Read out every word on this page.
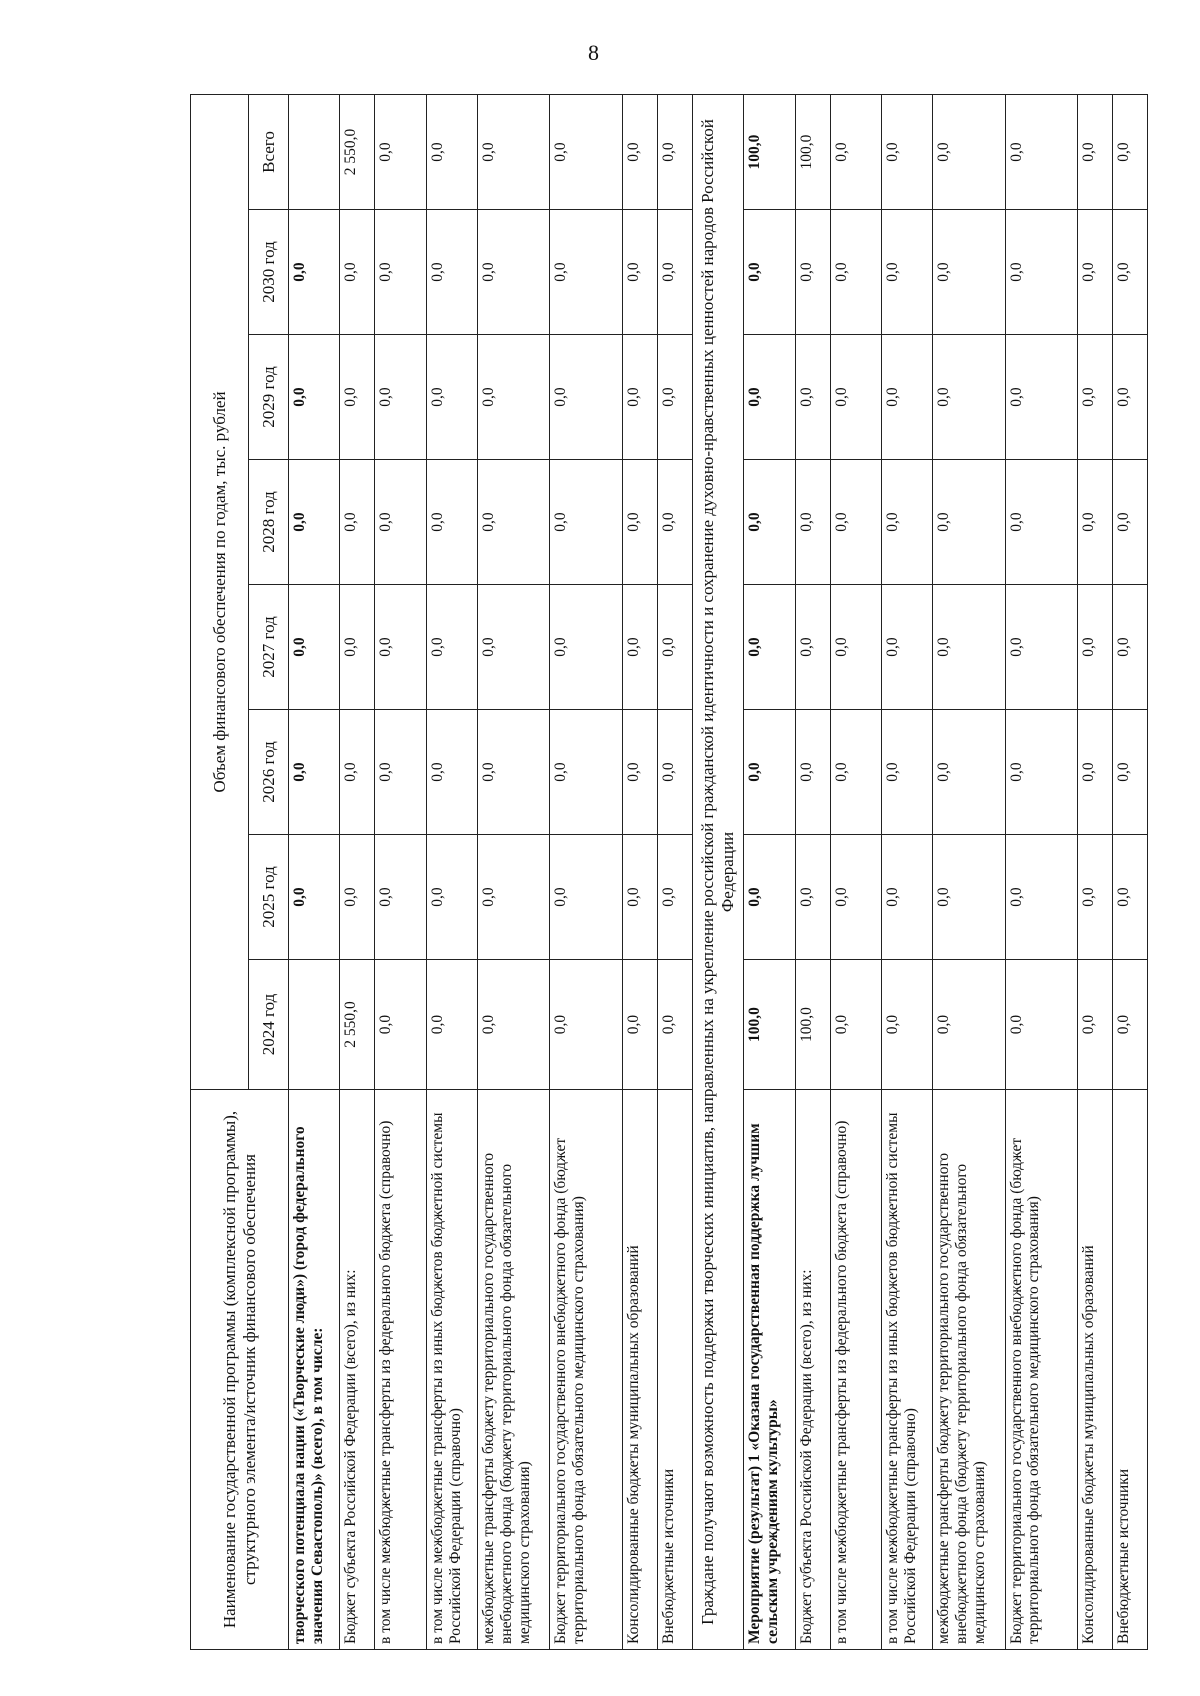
8
Наименование государственной программы (комплексной программы), структурного элемента/источник финансового обеспечения	Объем финансового обеспечения по годам, тыс. рублей							
	2024 год	2025 год	2026 год	2027 год	2028 год	2029 год	2030 год	Всего
творческого потенциала нации («Творческие люди») (город федерального значения Севастополь)» (всего), в том числе:		0,0	0,0	0,0	0,0	0,0	0,0	
Бюджет субъекта Российской Федерации (всего), из них:	2 550,0	0,0	0,0	0,0	0,0	0,0	0,0	2 550,0
в том числе межбюджетные трансферты из федерального бюджета (справочно)	0,0	0,0	0,0	0,0	0,0	0,0	0,0	0,0
в том числе межбюджетные трансферты из иных бюджетов бюджетной системы Российской Федерации (справочно)	0,0	0,0	0,0	0,0	0,0	0,0	0,0	0,0
межбюджетные трансферты бюджету территориального государственного внебюджетного фонда (бюджету территориального фонда обязательного медицинского страхования)	0,0	0,0	0,0	0,0	0,0	0,0	0,0	0,0
Бюджет территориального государственного внебюджетного фонда (бюджет территориального фонда обязательного медицинского страхования)	0,0	0,0	0,0	0,0	0,0	0,0	0,0	0,0
Консолидированные бюджеты муниципальных образований	0,0	0,0	0,0	0,0	0,0	0,0	0,0	0,0
Внебюджетные источники	0,0	0,0	0,0	0,0	0,0	0,0	0,0	0,0
Граждане получают возможность поддержки творческих инициатив, направленных на укрепление российской гражданской идентичности и сохранение духовно-нравственных ценностей народов Российской Федерации								
Мероприятие (результат) 1 «Оказана государственная поддержка лучшим сельским учреждениям культуры»	100,0	0,0	0,0	0,0	0,0	0,0	0,0	100,0
Бюджет субъекта Российской Федерации (всего), из них:	100,0	0,0	0,0	0,0	0,0	0,0	0,0	100,0
в том числе межбюджетные трансферты из федерального бюджета (справочно)	0,0	0,0	0,0	0,0	0,0	0,0	0,0	0,0
в том числе межбюджетные трансферты из иных бюджетов бюджетной системы Российской Федерации (справочно)	0,0	0,0	0,0	0,0	0,0	0,0	0,0	0,0
межбюджетные трансферты бюджету территориального государственного внебюджетного фонда (бюджету территориального фонда обязательного медицинского страхования)	0,0	0,0	0,0	0,0	0,0	0,0	0,0	0,0
Бюджет территориального государственного внебюджетного фонда (бюджет территориального фонда обязательного медицинского страхования)	0,0	0,0	0,0	0,0	0,0	0,0	0,0	0,0
Консолидированные бюджеты муниципальных образований	0,0	0,0	0,0	0,0	0,0	0,0	0,0	0,0
Внебюджетные источники	0,0	0,0	0,0	0,0	0,0	0,0	0,0	0,0
